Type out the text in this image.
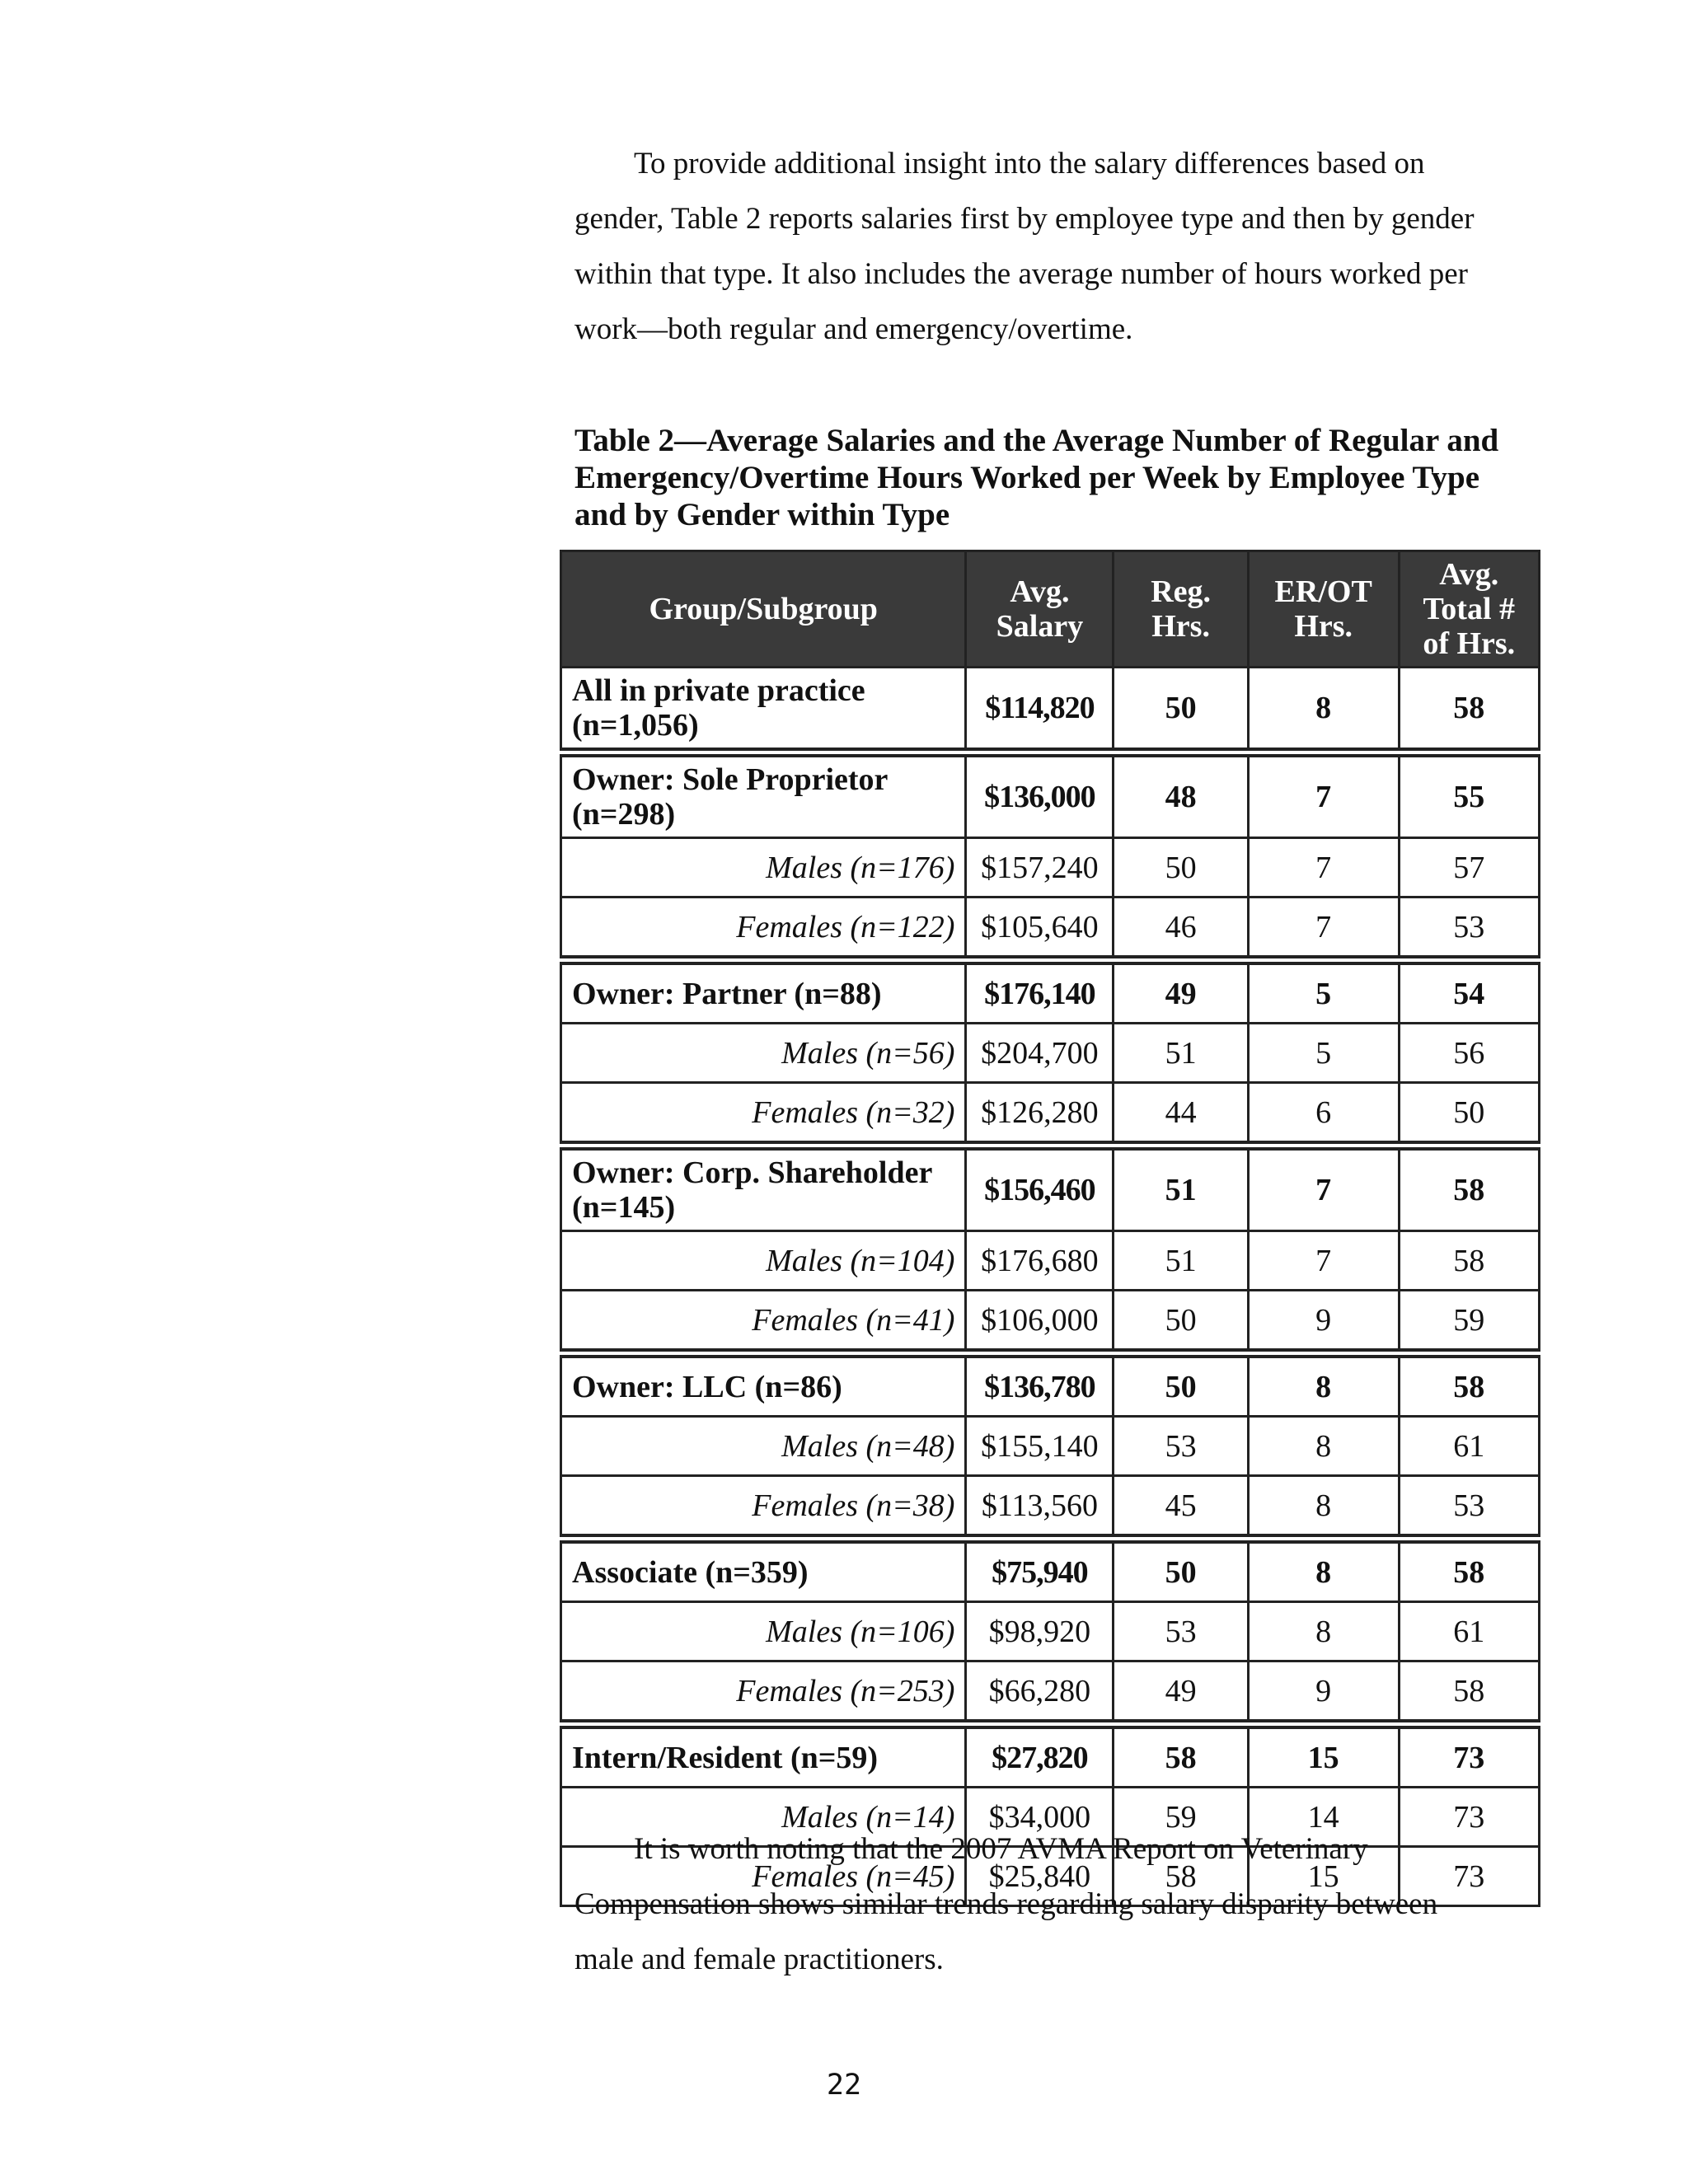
To provide additional insight into the salary differences based on gender, Table 2 reports salaries first by employee type and then by gender within that type. It also includes the average number of hours worked per work—both regular and emergency/overtime.
Table 2—Average Salaries and the Average Number of Regular and Emergency/Overtime Hours Worked per Week by Employee Type and by Gender within Type
Group/Subgroup	Avg. Salary	Reg. Hrs.	ER/OT Hrs.	Avg. Total # of Hrs.
All in private practice (n=1,056)	$114,820	50	8	58
Owner: Sole Proprietor (n=298)	$136,000	48	7	55
Males (n=176)	$157,240	50	7	57
Females (n=122)	$105,640	46	7	53
Owner: Partner (n=88)	$176,140	49	5	54
Males (n=56)	$204,700	51	5	56
Females (n=32)	$126,280	44	6	50
Owner: Corp. Shareholder (n=145)	$156,460	51	7	58
Males (n=104)	$176,680	51	7	58
Females (n=41)	$106,000	50	9	59
Owner: LLC (n=86)	$136,780	50	8	58
Males (n=48)	$155,140	53	8	61
Females (n=38)	$113,560	45	8	53
Associate (n=359)	$75,940	50	8	58
Males (n=106)	$98,920	53	8	61
Females (n=253)	$66,280	49	9	58
Intern/Resident (n=59)	$27,820	58	15	73
Males (n=14)	$34,000	59	14	73
Females (n=45)	$25,840	58	15	73
It is worth noting that the 2007 AVMA Report on Veterinary Compensation shows similar trends regarding salary disparity between male and female practitioners.
22
